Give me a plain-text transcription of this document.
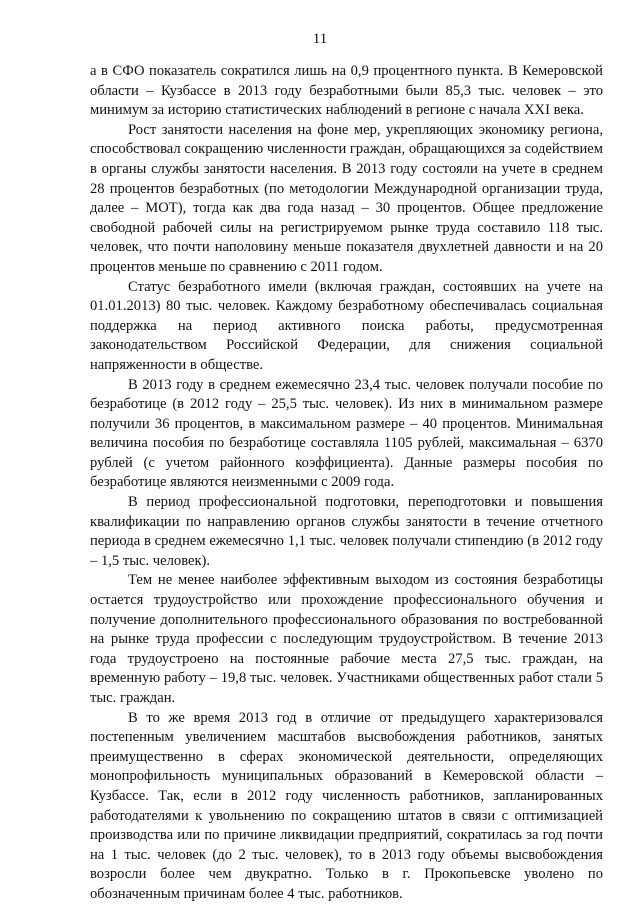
11

а в СФО показатель сократился лишь на 0,9 процентного пункта. В Кемеровской области – Кузбассе в 2013 году безработными были 85,3 тыс. человек – это минимум за историю статистических наблюдений в регионе с начала XXI века.

Рост занятости населения на фоне мер, укрепляющих экономику региона, способствовал сокращению численности граждан, обращающихся за содействием в органы службы занятости населения. В 2013 году состояли на учете в среднем 28 процентов безработных (по методологии Международной организации труда, далее – МОТ), тогда как два года назад – 30 процентов. Общее предложение свободной рабочей силы на регистрируемом рынке труда составило 118 тыс. человек, что почти наполовину меньше показателя двухлетней давности и на 20 процентов меньше по сравнению с 2011 годом.

Статус безработного имели (включая граждан, состоявших на учете на 01.01.2013) 80 тыс. человек. Каждому безработному обеспечивалась социальная поддержка на период активного поиска работы, предусмотренная законодательством Российской Федерации, для снижения социальной напряженности в обществе.

В 2013 году в среднем ежемесячно 23,4 тыс. человек получали пособие по безработице (в 2012 году – 25,5 тыс. человек). Из них в минимальном размере получили 36 процентов, в максимальном размере – 40 процентов. Минимальная величина пособия по безработице составляла 1105 рублей, максимальная – 6370 рублей (с учетом районного коэффициента). Данные размеры пособия по безработице являются неизменными с 2009 года.

В период профессиональной подготовки, переподготовки и повышения квалификации по направлению органов службы занятости в течение отчетного периода в среднем ежемесячно 1,1 тыс. человек получали стипендию (в 2012 году – 1,5 тыс. человек).

Тем не менее наиболее эффективным выходом из состояния безработицы остается трудоустройство или прохождение профессионального обучения и получение дополнительного профессионального образования по востребованной на рынке труда профессии с последующим трудоустройством. В течение 2013 года трудоустроено на постоянные рабочие места 27,5 тыс. граждан, на временную работу – 19,8 тыс. человек. Участниками общественных работ стали 5 тыс. граждан.

В то же время 2013 год в отличие от предыдущего характеризовался постепенным увеличением масштабов высвобождения работников, занятых преимущественно в сферах экономической деятельности, определяющих монопрофильность муниципальных образований в Кемеровской области – Кузбассе. Так, если в 2012 году численность работников, запланированных работодателями к увольнению по сокращению штатов в связи с оптимизацией производства или по причине ликвидации предприятий, сократилась за год почти на 1 тыс. человек (до 2 тыс. человек), то в 2013 году объемы высвобождения возросли более чем двукратно. Только в г. Прокопьевске уволено по обозначенным причинам более 4 тыс. работников.
